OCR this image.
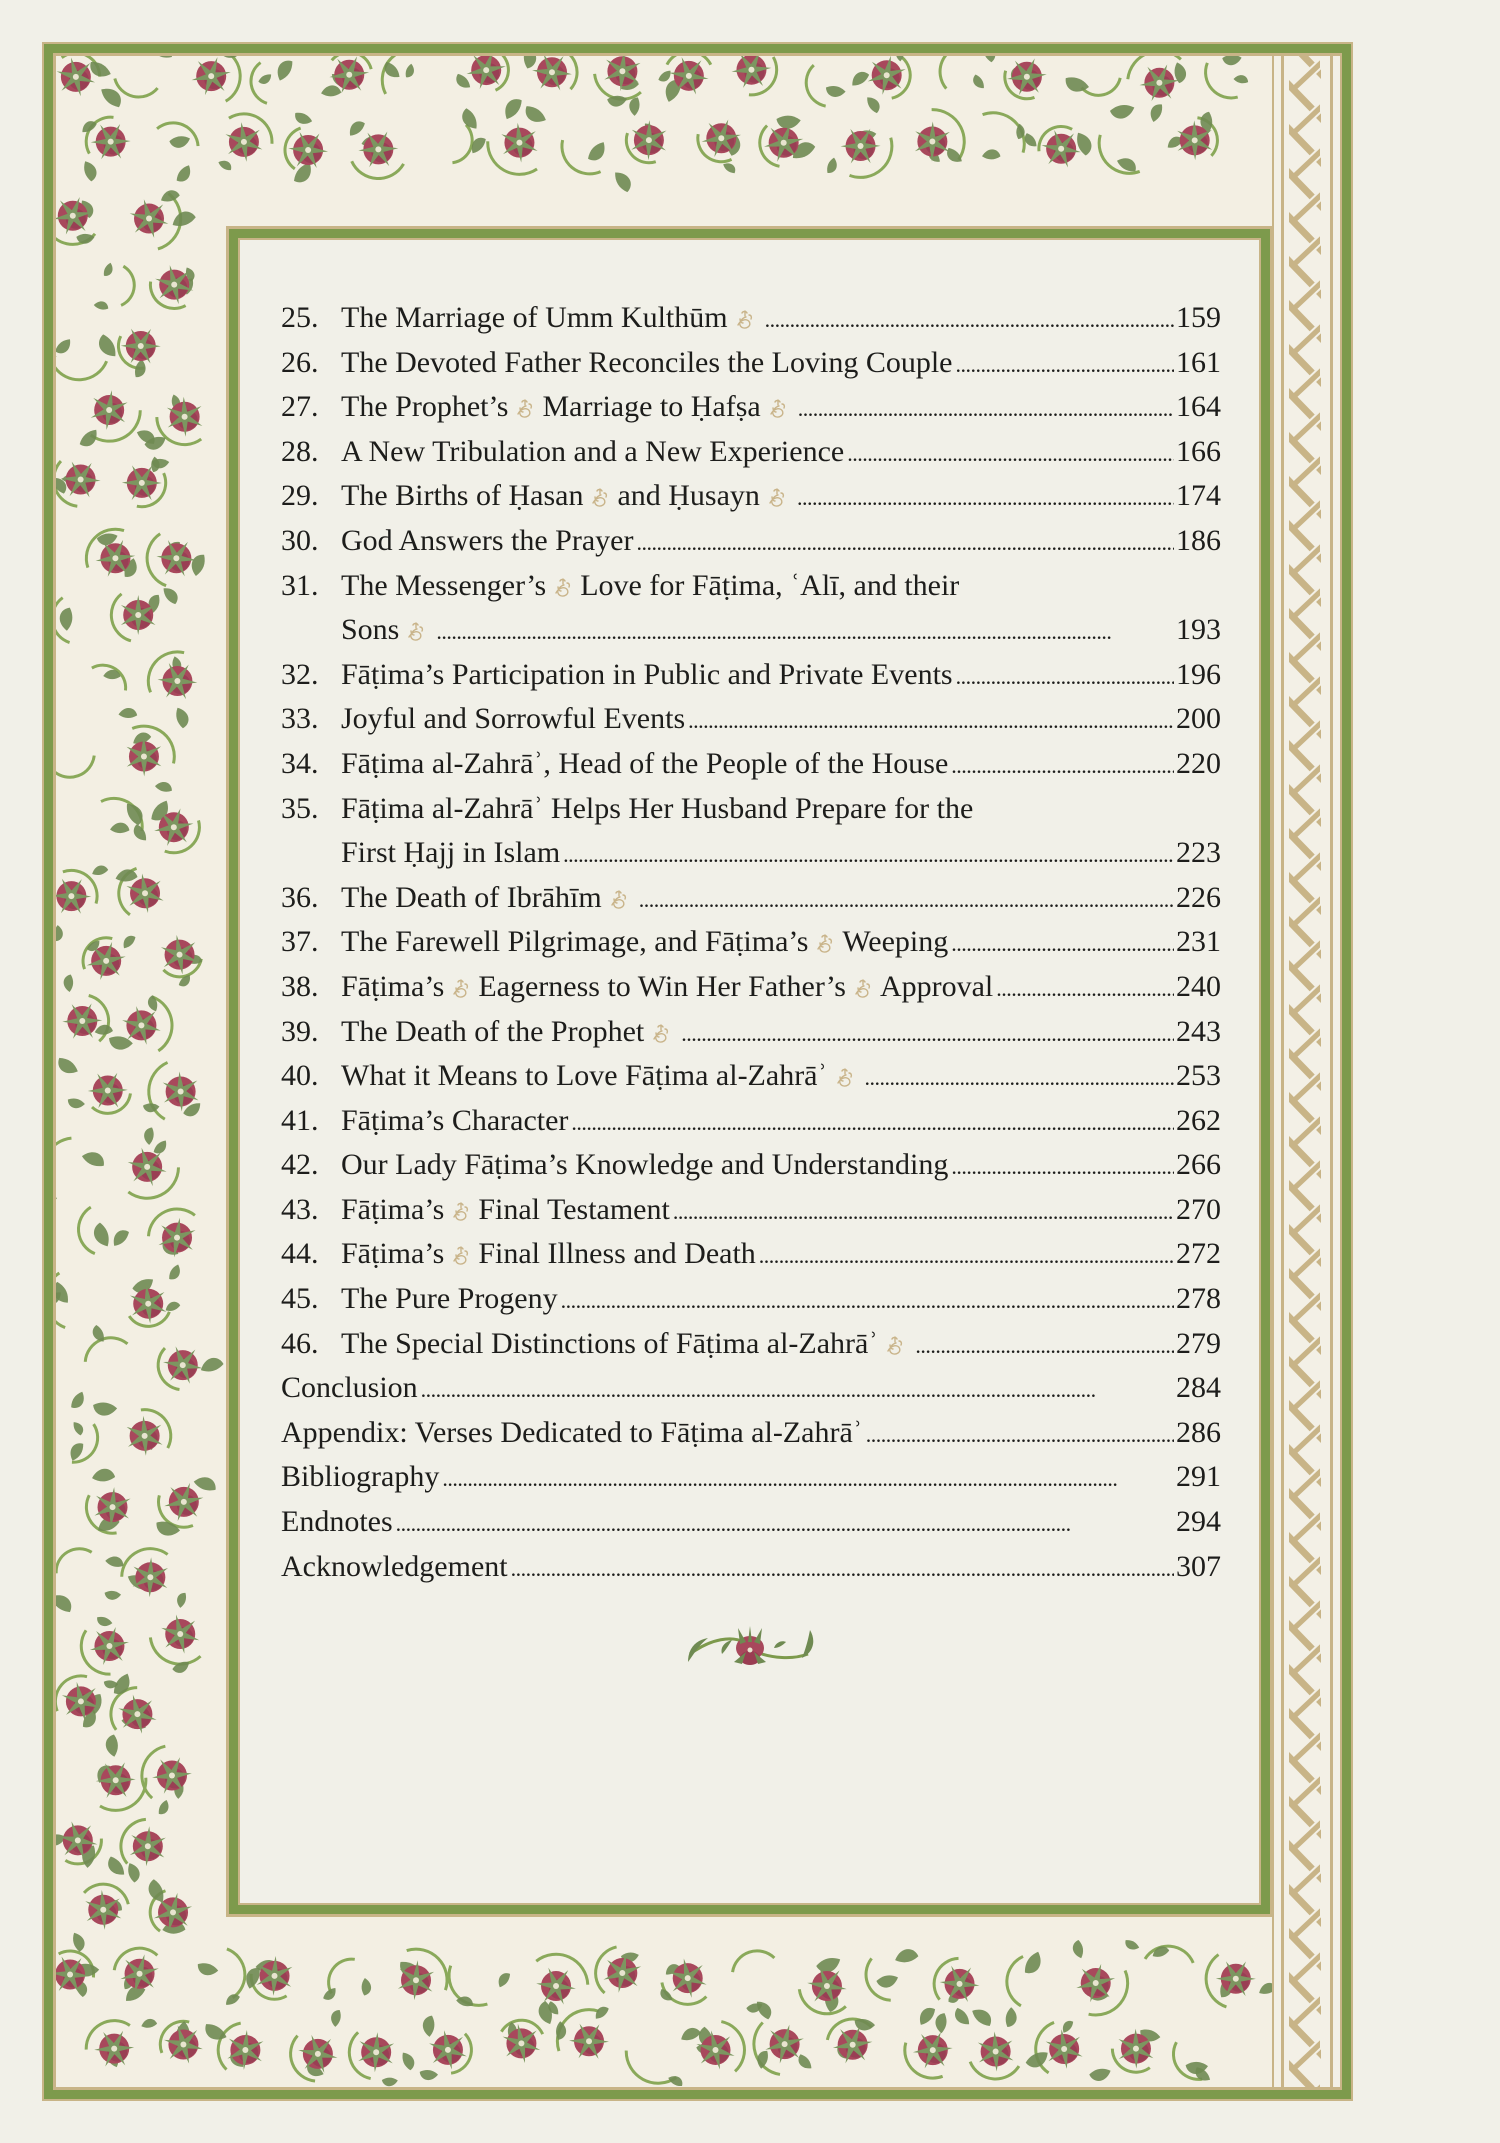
25. The Marriage of Umm Kulthūm . . .	159
26. The Devoted Father Reconciles the Loving Couple . . .	161
27. The Prophet’s Marriage to Ḥafṣa . . .	164
28. A New Tribulation and a New Experience . . .	166
29. The Births of Ḥasan and Ḥusayn . . .	174
30. God Answers the Prayer . . .	186
31. The Messenger’s Love for Fāṭima, ʿAlī, and their
Sons . . .	193
32. Fāṭima’s Participation in Public and Private Events . . .	196
33. Joyful and Sorrowful Events . . .	200
34. Fāṭima al-Zahrāʾ, Head of the People of the House . . .	220
35. Fāṭima al-Zahrāʾ Helps Her Husband Prepare for the
First Ḥajj in Islam . . .	223
36. The Death of Ibrāhīm . . .	226
37. The Farewell Pilgrimage, and Fāṭima’s Weeping . . .	231
38. Fāṭima’s Eagerness to Win Her Father’s Approval . . .	240
39. The Death of the Prophet . . .	243
40. What it Means to Love Fāṭima al-Zahrāʾ . . .	253
41. Fāṭima’s Character . . .	262
42. Our Lady Fāṭima’s Knowledge and Understanding . . .	266
43. Fāṭima’s Final Testament . . .	270
44. Fāṭima’s Final Illness and Death . . .	272
45. The Pure Progeny . . .	278
46. The Special Distinctions of Fāṭima al-Zahrāʾ . . .	279
Conclusion . . .	284
Appendix: Verses Dedicated to Fāṭima al-Zahrāʾ . . .	286
Bibliography . . .	291
Endnotes . . .	294
Acknowledgement . . .	307
